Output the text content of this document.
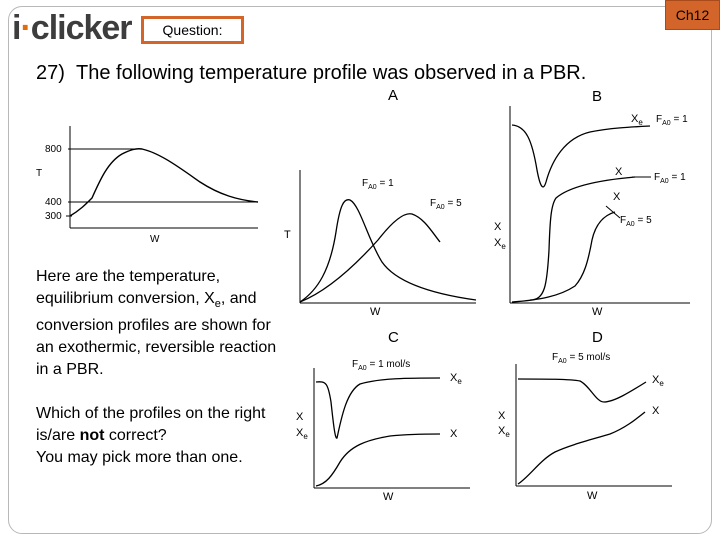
i·clicker	Question:
Ch12
27) The following temperature profile was observed in a PBR.

Here are the temperature, equilibrium conversion, $X_e$, and conversion profiles are shown for an exothermic, reversible reaction in a PBR.

Which of the profiles on the right is/are not correct?

You may pick more than one.

800
400
300
T
W
A
T
W
$F_{A0} = 1$
$F_{A0} = 5$
B
X
$X_e$
W
$X_e$ $F_{A0} = 1$
X	$F_{A0} = 1$
X
$F_{A0} = 5$
C
$F_{A0} = 1$ mol/s
X
$X_e$
W
$X_e$
X
D
$F_{A0} = 5$ mol/s
X
$X_e$
W
$X_e$
X
